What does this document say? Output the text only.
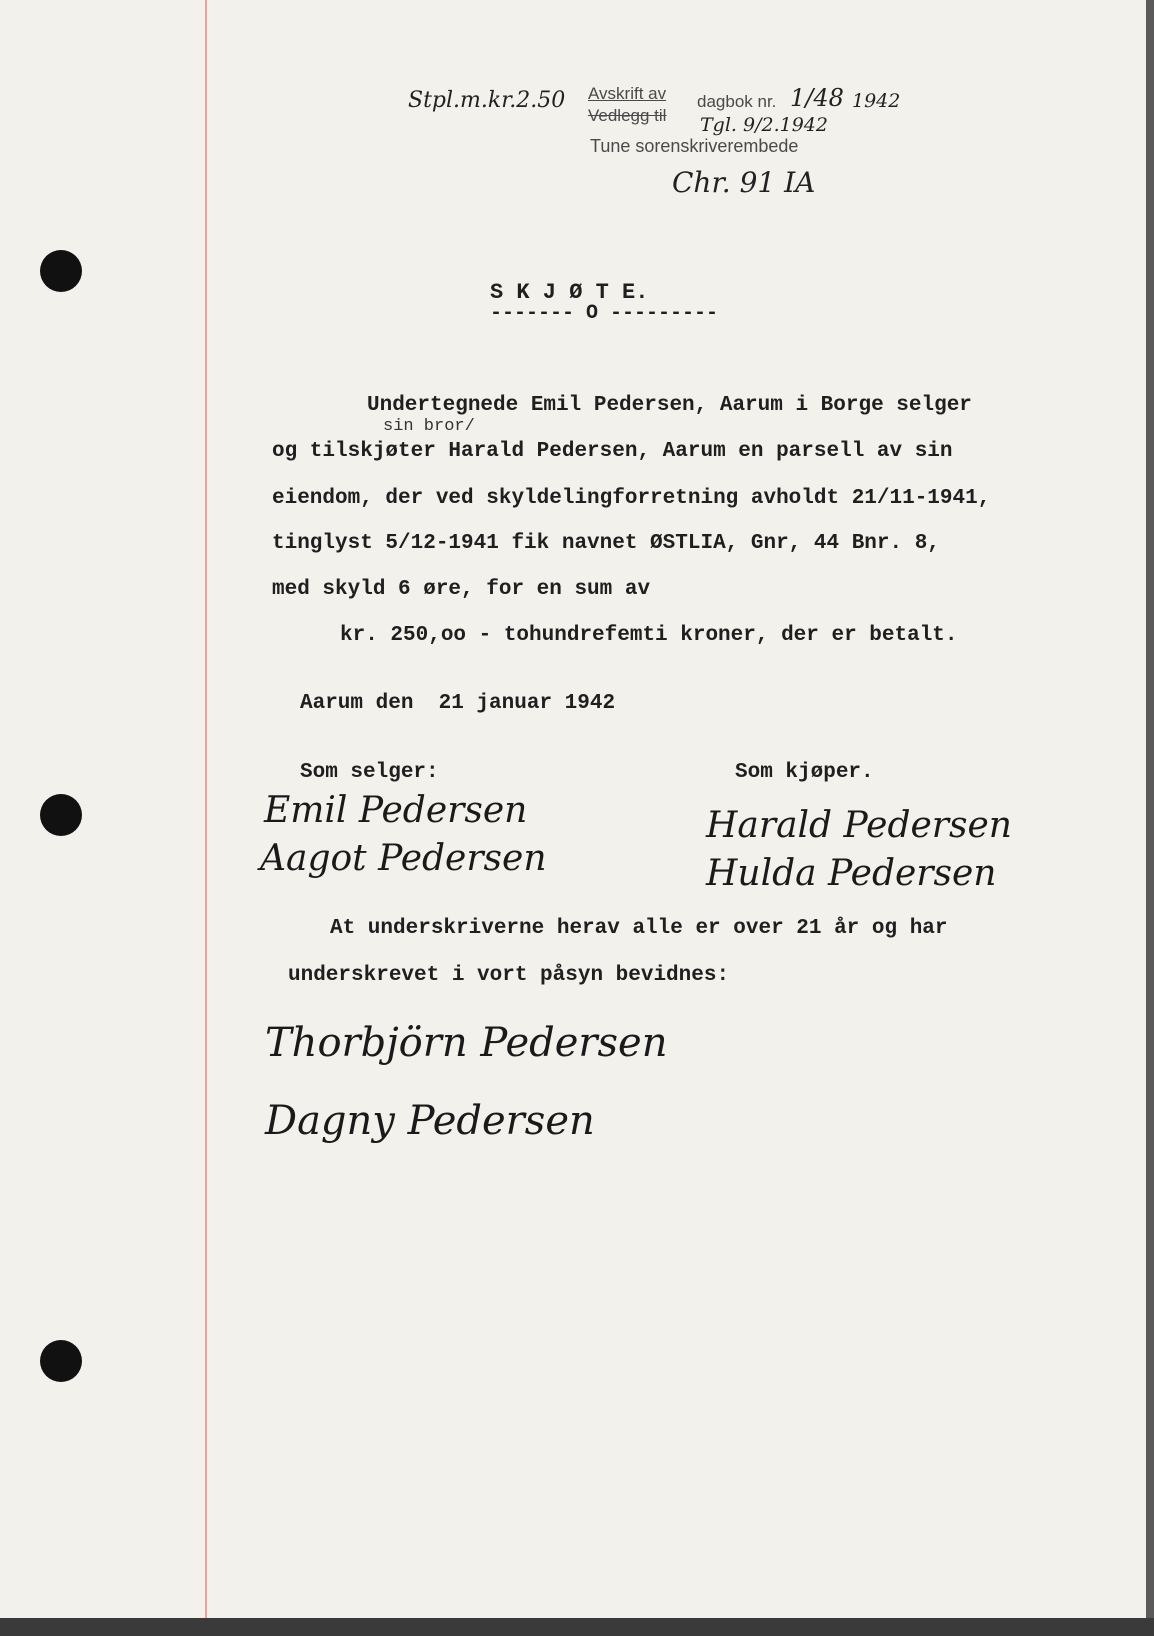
Stpl.m.kr.2.50 Avskrift av
Vedlegg til
dagbok nr. 1/48 1942
Tgl. 9/2.1942
Tune sorenskriverembede
Chr. 91 IA
S K J Ø T E.
------- O ---------
sin bror/
Undertegnede Emil Pedersen, Aarum i Borge selger
og tilskjøter Harald Pedersen, Aarum en parsell av sin
eiendom, der ved skyldelingforretning avholdt 21/11-1941,
tinglyst 5/12-1941 fik navnet ØSTLIA, Gnr, 44 Bnr. 8,
med skyld 6 øre, for en sum av
kr. 250,oo - tohundrefemti kroner, der er betalt.
Aarum den  21 januar 1942
Som selger:	Som kjøper.
Emil Pedersen
Aagot Pedersen
Harald Pedersen
Hulda Pedersen
At underskriverne herav alle er over 21 år og har
underskrevet i vort påsyn bevidnes:
Thorbjörn Pedersen
Dagny Pedersen
